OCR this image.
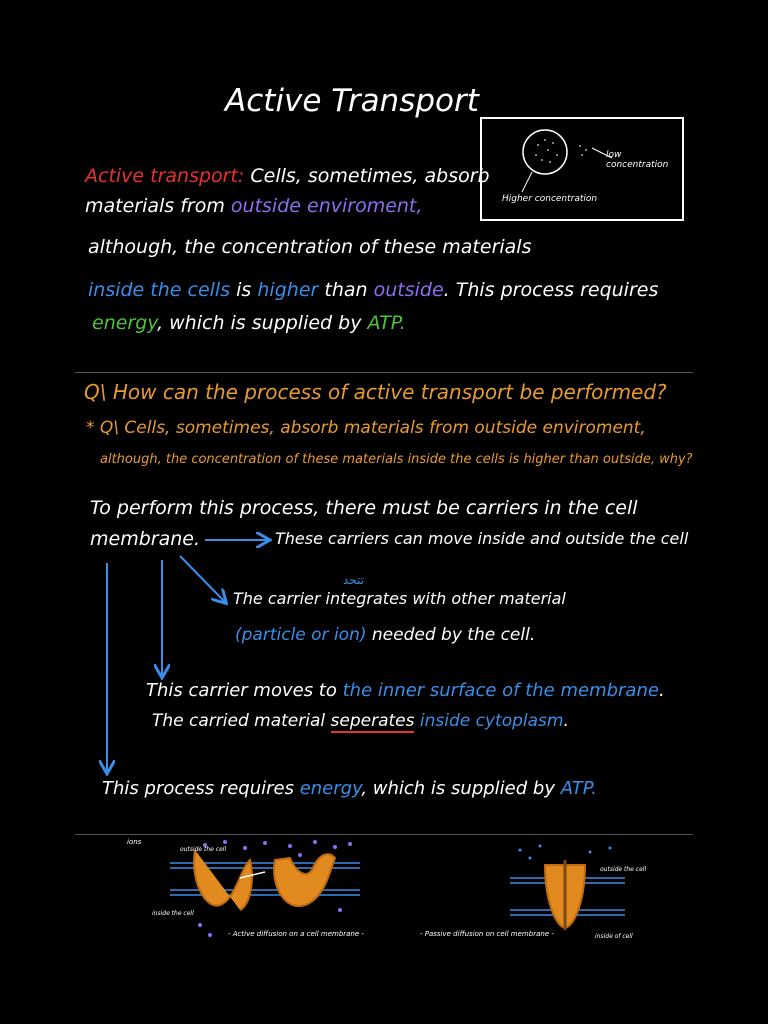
Active Transport
Active transport: Cells, sometimes, absorb
materials from outside enviroment,
although, the concentration of these materials
inside the cells is higher than outside. This process requires
energy, which is supplied by ATP.
low
concentration
Higher concentration
Q\ How can the process of active transport be performed?
* Q\ Cells, sometimes, absorb materials from outside enviroment,
although, the concentration of these materials inside the cells is higher than outside, why?
To perform this process, there must be carriers in the cell
membrane.	These carriers can move inside and outside the cell
تتحد
The carrier integrates with other material
(particle or ion) needed by the cell.
This carrier moves to the inner surface of the membrane.
The carried material seperates inside cytoplasm.
This process requires energy, which is supplied by ATP.
ions
outside the cell
inside the cell
- Active diffusion on a cell membrane -
outside the cell
inside of cell
- Passive diffusion on cell membrane -
